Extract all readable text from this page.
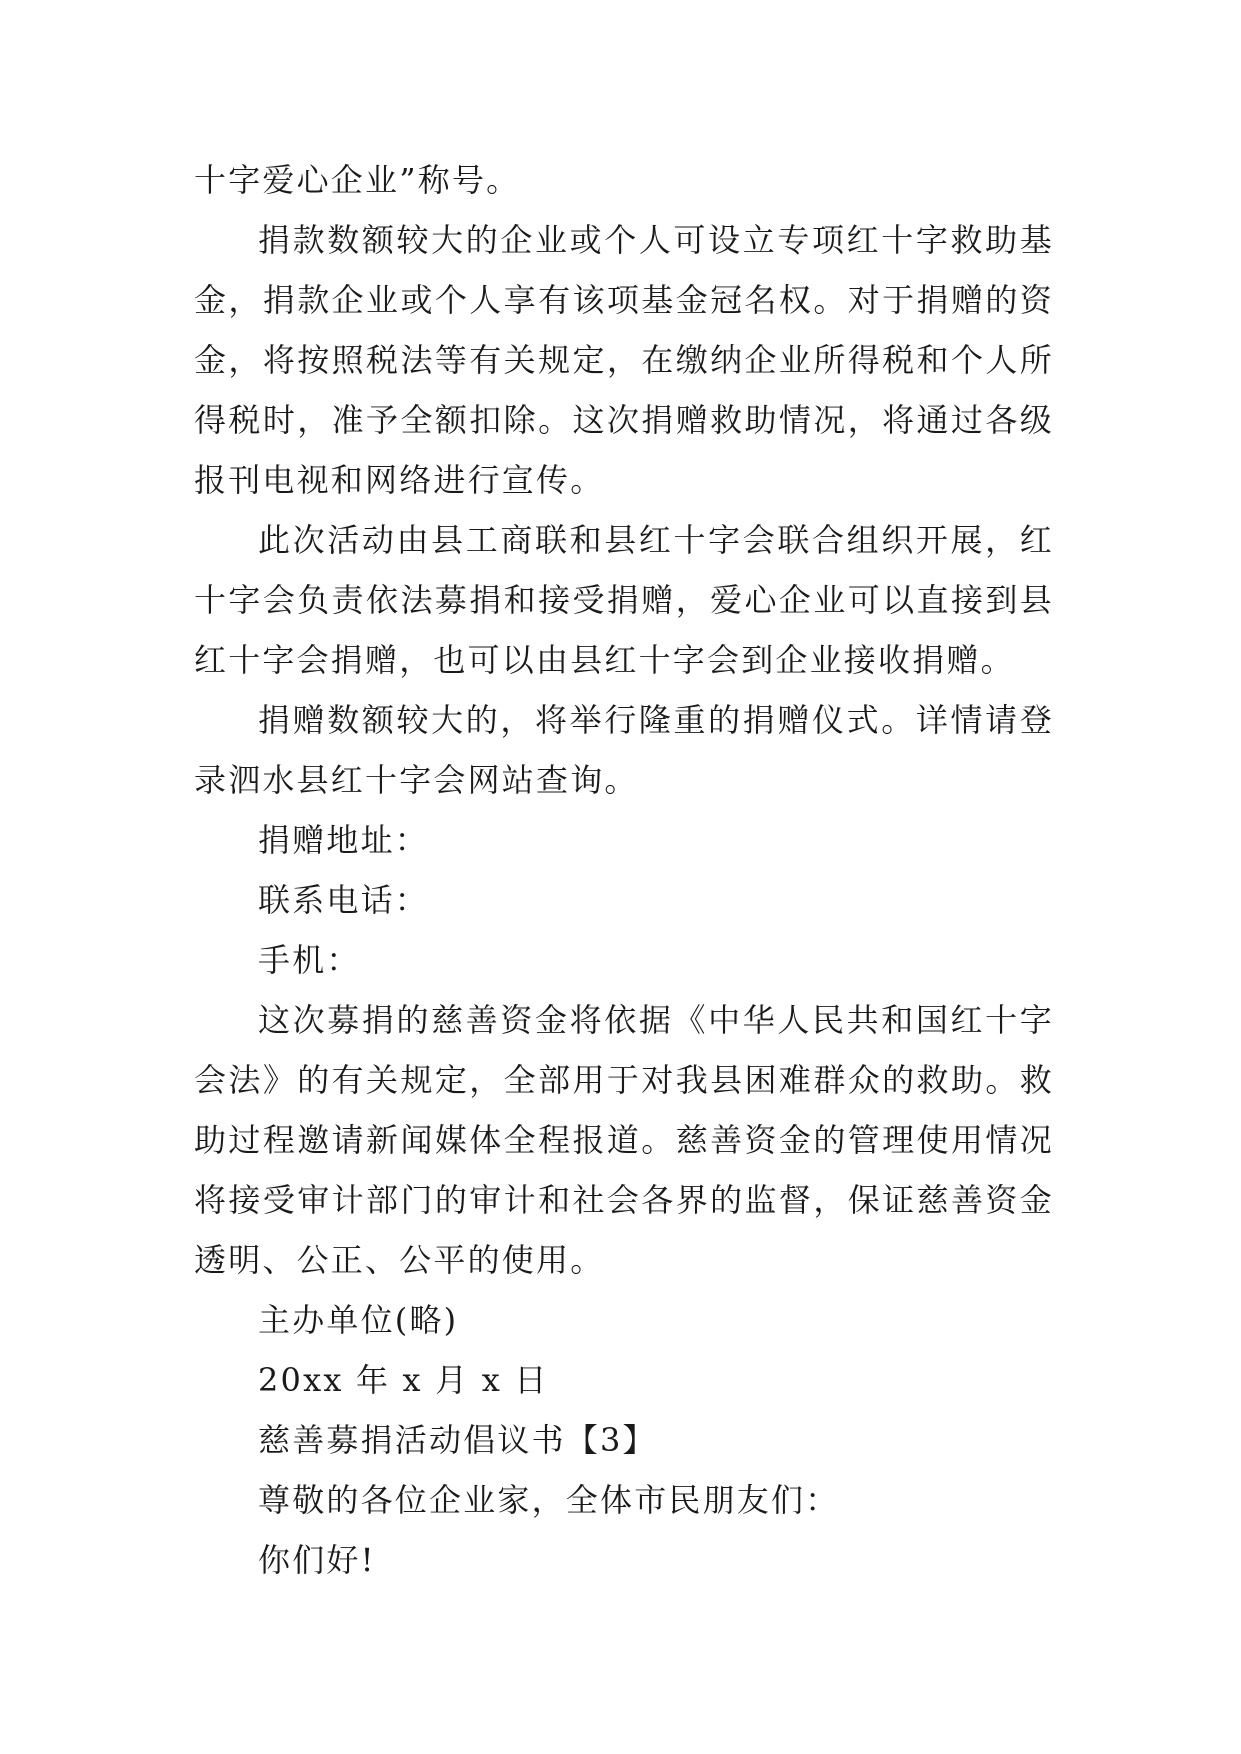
十字爱心企业”称号。

捐款数额较大的企业或个人可设立专项红十字救助基金，捐款企业或个人享有该项基金冠名权。对于捐赠的资金，将按照税法等有关规定，在缴纳企业所得税和个人所得税时，准予全额扣除。这次捐赠救助情况，将通过各级报刊电视和网络进行宣传。

此次活动由县工商联和县红十字会联合组织开展，红十字会负责依法募捐和接受捐赠，爱心企业可以直接到县红十字会捐赠，也可以由县红十字会到企业接收捐赠。

捐赠数额较大的，将举行隆重的捐赠仪式。详情请登录泗水县红十字会网站查询。

捐赠地址：

联系电话：

手机：

这次募捐的慈善资金将依据《中华人民共和国红十字会法》的有关规定，全部用于对我县困难群众的救助。救助过程邀请新闻媒体全程报道。慈善资金的管理使用情况将接受审计部门的审计和社会各界的监督，保证慈善资金透明、公正、公平的使用。

主办单位(略)

20xx 年 x 月 x 日

慈善募捐活动倡议书【3】

尊敬的各位企业家，全体市民朋友们：

你们好!
